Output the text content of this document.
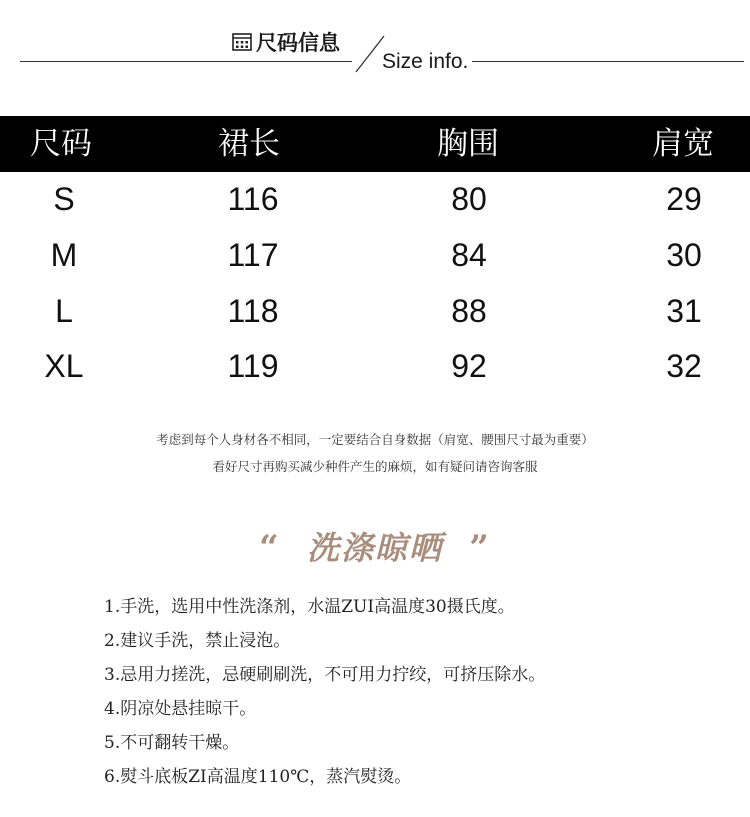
尺码信息
Size info.
尺码	裙长	胸围	肩宽
S	116	80	29
M	117	84	30
L	118	88	31
XL	119	92	32
考虑到每个人身材各不相同，一定要结合自身数据（肩宽、腰围尺寸最为重要）
看好尺寸再购买减少种件产生的麻烦，如有疑问请咨询客服
“ 洗涤晾晒 ”
1.手洗，选用中性洗涤剂，水温ZUI高温度30摄氏度。
2.建议手洗，禁止浸泡。
3.忌用力搓洗，忌硬刷刷洗，不可用力拧绞，可挤压除水。
4.阴凉处悬挂晾干。
5.不可翻转干燥。
6.熨斗底板ZI高温度110℃，蒸汽熨烫。
